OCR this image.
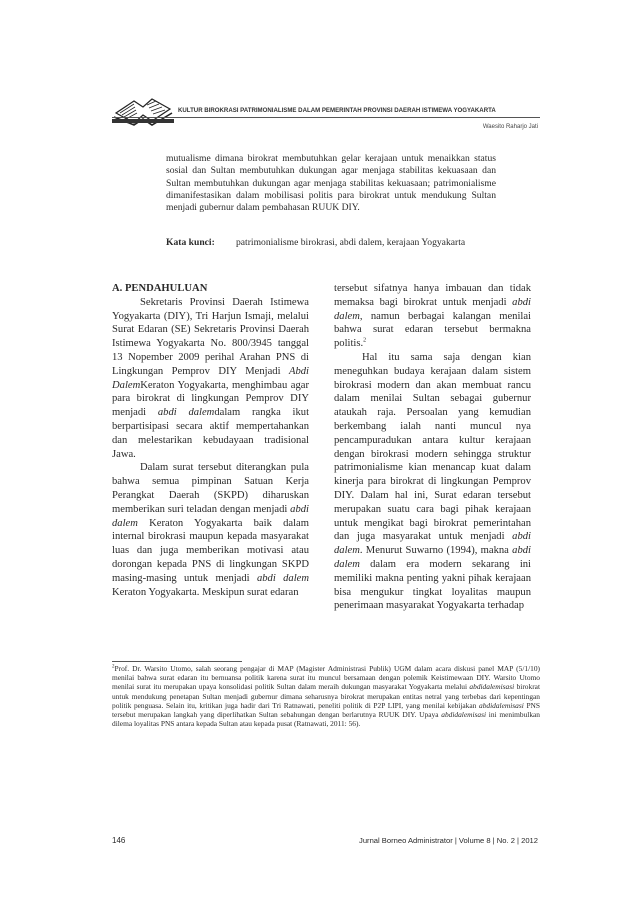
KULTUR BIROKRASI PATRIMONIALISME DALAM PEMERINTAH PROVINSI DAERAH ISTIMEWA YOGYAKARTA
Waesito Raharjo Jati
mutualisme dimana birokrat membutuhkan gelar kerajaan untuk menaikkan status sosial dan Sultan membutuhkan dukungan agar menjaga stabilitas kekuasaan dan Sultan membutuhkan dukungan agar menjaga stabilitas kekuasaan; patrimonialisme dimanifestasikan dalam mobilisasi politis para birokrat untuk mendukung Sultan menjadi gubernur dalam pembahasan RUUK DIY.
Kata kunci:	patrimonialisme birokrasi, abdi dalem, kerajaan Yogyakarta

A. PENDAHULUAN

Sekretaris Provinsi Daerah Istimewa Yogyakarta (DIY), Tri Harjun Ismaji, melalui Surat Edaran (SE) Sekretaris Provinsi Daerah Istimewa Yogyakarta No. 800/3945 tanggal 13 Nopember 2009 perihal Arahan PNS di Lingkungan Pemprov DIY Menjadi Abdi DalemKeraton Yogyakarta, menghimbau agar para birokrat di lingkungan Pemprov DIY menjadi abdi dalemdalam rangka ikut berpartisipasi secara aktif mempertahankan dan melestarikan kebudayaan tradisional Jawa.

Dalam surat tersebut diterangkan pula bahwa semua pimpinan Satuan Kerja Perangkat Daerah (SKPD) diharuskan memberikan suri teladan dengan menjadi abdi dalem Keraton Yogyakarta baik dalam internal birokrasi maupun kepada masyarakat luas dan juga memberikan motivasi atau dorongan kepada PNS di lingkungan SKPD masing-masing untuk menjadi abdi dalem Keraton Yogyakarta. Meskipun surat edaran

tersebut sifatnya hanya imbauan dan tidak memaksa bagi birokrat untuk menjadi abdi dalem, namun berbagai kalangan menilai bahwa surat edaran tersebut bermakna politis.$^2$

Hal itu sama saja dengan kian meneguhkan budaya kerajaan dalam sistem birokrasi modern dan akan membuat rancu dalam menilai Sultan sebagai gubernur ataukah raja. Persoalan yang kemudian berkembang ialah nanti muncul nya pencampuradukan antara kultur kerajaan dengan birokrasi modern sehingga struktur patrimonialisme kian menancap kuat dalam kinerja para birokrat di lingkungan Pemprov DIY. Dalam hal ini, Surat edaran tersebut merupakan suatu cara bagi pihak kerajaan untuk mengikat bagi birokrat pemerintahan dan juga masyarakat untuk menjadi abdi dalem. Menurut Suwarno (1994), makna abdi dalem dalam era modern sekarang ini memiliki makna penting yakni pihak kerajaan bisa mengukur tingkat loyalitas maupun penerimaan masyarakat Yogyakarta terhadap

$^2$Prof. Dr. Warsito Utomo, salah seorang pengajar di MAP (Magister Administrasi Publik) UGM dalam acara diskusi panel MAP (5/1/10) menilai bahwa surat edaran itu bernuansa politik karena surat itu muncul bersamaan dengan polemik Keistimewaan DIY. Warsito Utomo menilai surat itu merupakan upaya konsolidasi politik Sultan dalam meraih dukungan masyarakat Yogyakarta melalui abdidalemisasi birokrat untuk mendukung penetapan Sultan menjadi gubernur dimana seharusnya birokrat merupakan entitas netral yang terbebas dari kepentingan politik penguasa. Selain itu, kritikan juga hadir dari Tri Ratnawati, peneliti politik di P2P LIPI, yang menilai kebijakan abdidalemisasi PNS tersebut merupakan langkah yang diperlihatkan Sultan sebahungan dengan berlarutnya RUUK DIY. Upaya abdidalemisasi ini menimbulkan dilema loyalitas PNS antara kepada Sultan atau kepada pusat (Ratnawati, 2011: 56).
146	Jurnal Borneo Administrator | Volume 8 | No. 2 | 2012
